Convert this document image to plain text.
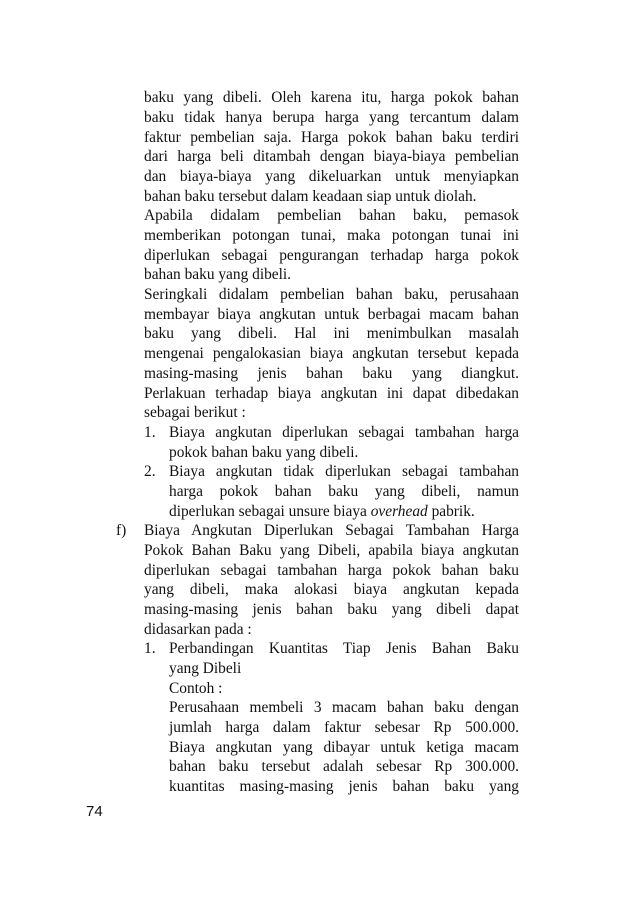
baku yang dibeli. Oleh karena itu, harga pokok bahan
baku tidak hanya berupa harga yang tercantum dalam
faktur pembelian saja. Harga pokok bahan baku terdiri
dari harga beli ditambah dengan biaya-biaya pembelian
dan biaya-biaya yang dikeluarkan untuk menyiapkan
bahan baku tersebut dalam keadaan siap untuk diolah.
Apabila didalam pembelian bahan baku, pemasok
memberikan potongan tunai, maka potongan tunai ini
diperlukan sebagai pengurangan terhadap harga pokok
bahan baku yang dibeli.
Seringkali didalam pembelian bahan baku, perusahaan
membayar biaya angkutan untuk berbagai macam bahan
baku yang dibeli. Hal ini menimbulkan masalah
mengenai pengalokasian biaya angkutan tersebut kepada
masing-masing jenis bahan baku yang diangkut.
Perlakuan terhadap biaya angkutan ini dapat dibedakan
sebagai berikut :
1. Biaya angkutan diperlukan sebagai tambahan harga
pokok bahan baku yang dibeli.
2. Biaya angkutan tidak diperlukan sebagai tambahan
harga pokok bahan baku yang dibeli, namun
diperlukan sebagai unsure biaya overhead pabrik.
f) Biaya Angkutan Diperlukan Sebagai Tambahan Harga
Pokok Bahan Baku yang Dibeli, apabila biaya angkutan
diperlukan sebagai tambahan harga pokok bahan baku
yang dibeli, maka alokasi biaya angkutan kepada
masing-masing jenis bahan baku yang dibeli dapat
didasarkan pada :
1. Perbandingan Kuantitas Tiap Jenis Bahan Baku
yang Dibeli
Contoh :
Perusahaan membeli 3 macam bahan baku dengan
jumlah harga dalam faktur sebesar Rp 500.000.
Biaya angkutan yang dibayar untuk ketiga macam
bahan baku tersebut adalah sebesar Rp 300.000.
kuantitas masing-masing jenis bahan baku yang
74
